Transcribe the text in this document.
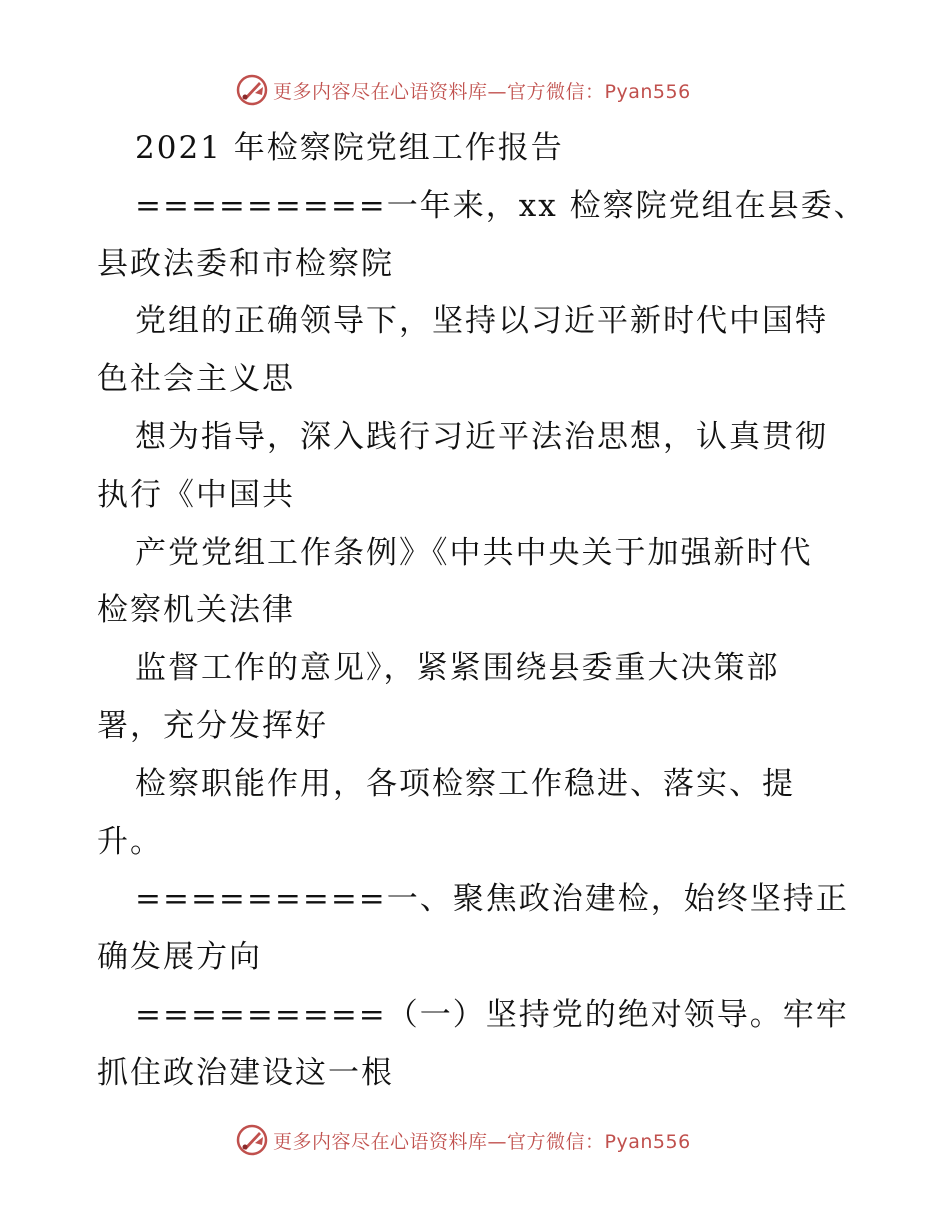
更多内容尽在心语资料库—官方微信：Pyan556
2021 年检察院党组工作报告
=========一年来，xx 检察院党组在县委、
县政法委和市检察院
党组的正确领导下，坚持以习近平新时代中国特
色社会主义思
想为指导，深入践行习近平法治思想，认真贯彻
执行《中国共
产党党组工作条例》《中共中央关于加强新时代
检察机关法律
监督工作的意见》，紧紧围绕县委重大决策部
署，充分发挥好
检察职能作用，各项检察工作稳进、落实、提
升。
=========一、聚焦政治建检，始终坚持正
确发展方向
=========（一）坚持党的绝对领导。牢牢
抓住政治建设这一根
更多内容尽在心语资料库—官方微信：Pyan556
